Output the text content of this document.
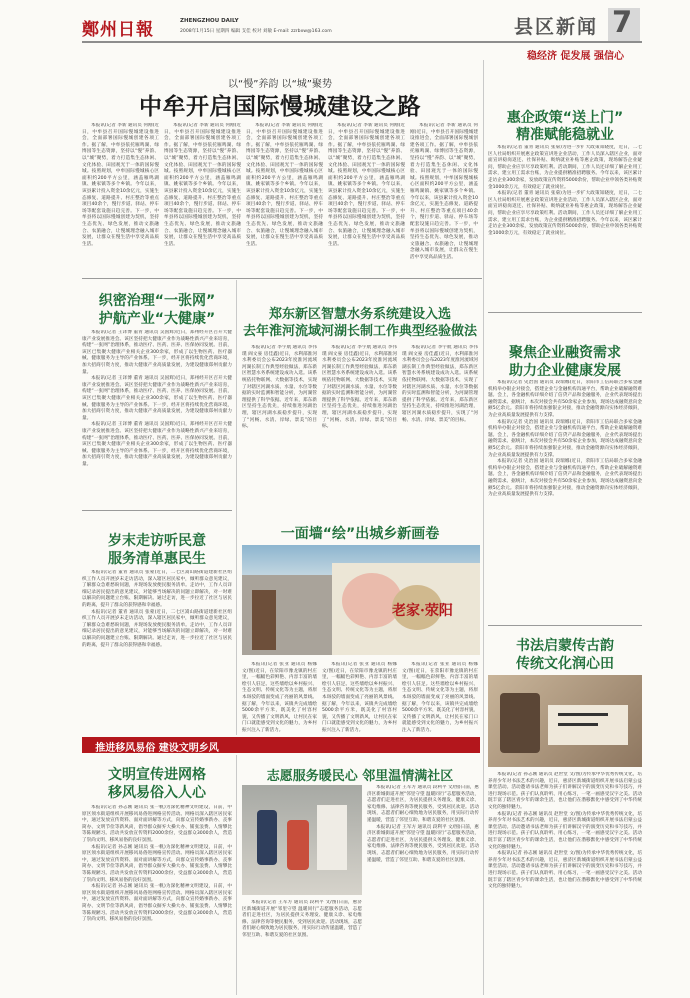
鄭州日報	ZHENGZHOU DAILY
2008年1月15日 星期四 编辑 支佳 校对 刘敏 E-mail: zzrbxw@163.com	县区新闻 7
稳经济 促发展 强信心
以“慢”养韵 以“城”聚势
中牟开启国际慢城建设之路

本报讯(记者 李新 通讯员 何刚)近日，中牟县召开国际慢城建设推进会，全面部署国际慢城创建各项工作。据了解，中牟县依托雁鸣湖、绿博园等生态资源，坚持以“慢”养韵、以“城”聚势，着力打造集生态休闲、文化体验、田园观光于一体的国际慢城。按照规划，中牟国际慢城核心区面积约200平方公里，涵盖雁鸣湖镇、姚家镇等多个乡镇。今年以来，该县累计投入资金10余亿元，实施生态修复、道路提升、村庄整治等重点项目40余个，慢行步道、驿站、停车场等配套设施日趋完善。下一步，中牟县将以国际慢城创建为契机，坚持生态优先、绿色发展，推动文旅融合、农旅融合，让慢城理念融入城市发展，让群众在慢生活中享受高品质生活。

本报讯(记者 李新 通讯员 何刚)近日，中牟县召开国际慢城建设推进会，全面部署国际慢城创建各项工作。据了解，中牟县依托雁鸣湖、绿博园等生态资源，坚持以“慢”养韵、以“城”聚势，着力打造集生态休闲、文化体验、田园观光于一体的国际慢城。按照规划，中牟国际慢城核心区面积约200平方公里，涵盖雁鸣湖镇、姚家镇等多个乡镇。今年以来，该县累计投入资金10余亿元，实施生态修复、道路提升、村庄整治等重点项目40余个，慢行步道、驿站、停车场等配套设施日趋完善。下一步，中牟县将以国际慢城创建为契机，坚持生态优先、绿色发展，推动文旅融合、农旅融合，让慢城理念融入城市发展，让群众在慢生活中享受高品质生活。

本报讯(记者 李新 通讯员 何刚)近日，中牟县召开国际慢城建设推进会，全面部署国际慢城创建各项工作。据了解，中牟县依托雁鸣湖、绿博园等生态资源，坚持以“慢”养韵、以“城”聚势，着力打造集生态休闲、文化体验、田园观光于一体的国际慢城。按照规划，中牟国际慢城核心区面积约200平方公里，涵盖雁鸣湖镇、姚家镇等多个乡镇。今年以来，该县累计投入资金10余亿元，实施生态修复、道路提升、村庄整治等重点项目40余个，慢行步道、驿站、停车场等配套设施日趋完善。下一步，中牟县将以国际慢城创建为契机，坚持生态优先、绿色发展，推动文旅融合、农旅融合，让慢城理念融入城市发展，让群众在慢生活中享受高品质生活。

本报讯(记者 李新 通讯员 何刚)近日，中牟县召开国际慢城建设推进会，全面部署国际慢城创建各项工作。据了解，中牟县依托雁鸣湖、绿博园等生态资源，坚持以“慢”养韵、以“城”聚势，着力打造集生态休闲、文化体验、田园观光于一体的国际慢城。按照规划，中牟国际慢城核心区面积约200平方公里，涵盖雁鸣湖镇、姚家镇等多个乡镇。今年以来，该县累计投入资金10余亿元，实施生态修复、道路提升、村庄整治等重点项目40余个，慢行步道、驿站、停车场等配套设施日趋完善。下一步，中牟县将以国际慢城创建为契机，坚持生态优先、绿色发展，推动文旅融合、农旅融合，让慢城理念融入城市发展，让群众在慢生活中享受高品质生活。

本报讯(记者 李新 通讯员 何刚)近日，中牟县召开国际慢城建设推进会，全面部署国际慢城创建各项工作。据了解，中牟县依托雁鸣湖、绿博园等生态资源，坚持以“慢”养韵、以“城”聚势，着力打造集生态休闲、文化体验、田园观光于一体的国际慢城。按照规划，中牟国际慢城核心区面积约200平方公里，涵盖雁鸣湖镇、姚家镇等多个乡镇。今年以来，该县累计投入资金10余亿元，实施生态修复、道路提升、村庄整治等重点项目40余个，慢行步道、驿站、停车场等配套设施日趋完善。下一步，中牟县将以国际慢城创建为契机，坚持生态优先、绿色发展，推动文旅融合、农旅融合，让慢城理念融入城市发展，让群众在慢生活中享受高品质生活。

惠企政策“送上门”
精准赋能稳就业

本报讯(记者 董青 通讯员 张菊)为进一步扩大政策知晓度，近日，二七区人社局组织开展惠企政策宣讲进企业活动，工作人员深入辖区企业，面对面宣讲稳岗返还、社保补贴、吸纳就业补贴等惠企政策，现场解答企业疑问，帮助企业应享尽享政策红利。活动期间，工作人员还详细了解企业用工需求，建立用工需求台账，为企业提供精准招聘服务。今年以来，该区累计走访企业300余家，发放政策宣传资料5000余份，帮助企业申领各类补贴资金1000余万元，有效稳定了就业岗位。

本报讯(记者 董青 通讯员 张菊)为进一步扩大政策知晓度，近日，二七区人社局组织开展惠企政策宣讲进企业活动，工作人员深入辖区企业，面对面宣讲稳岗返还、社保补贴、吸纳就业补贴等惠企政策，现场解答企业疑问，帮助企业应享尽享政策红利。活动期间，工作人员还详细了解企业用工需求，建立用工需求台账，为企业提供精准招聘服务。今年以来，该区累计走访企业300余家，发放政策宣传资料5000余份，帮助企业申领各类补贴资金1000余万元，有效稳定了就业岗位。

织密治理“一张网”
护航产业“大健康”

本报讯(记者 王译博 董青 通讯员 吴国辉)近日，郑州经开区召开大健康产业发展推进会。该区坚持把大健康产业作为战略性新兴产业来培育，构建“一张网”治理体系，推动医疗、医药、医养、医保协同发展。目前，该区已集聚大健康产业相关企业300余家，形成了以生物医药、医疗器械、健康服务为主导的产业体系。下一步，经开区将持续优化营商环境，加大招商引资力度，推动大健康产业高质量发展，为建设健康郑州贡献力量。

本报讯(记者 王译博 董青 通讯员 吴国辉)近日，郑州经开区召开大健康产业发展推进会。该区坚持把大健康产业作为战略性新兴产业来培育，构建“一张网”治理体系，推动医疗、医药、医养、医保协同发展。目前，该区已集聚大健康产业相关企业300余家，形成了以生物医药、医疗器械、健康服务为主导的产业体系。下一步，经开区将持续优化营商环境，加大招商引资力度，推动大健康产业高质量发展，为建设健康郑州贡献力量。

本报讯(记者 王译博 董青 通讯员 吴国辉)近日，郑州经开区召开大健康产业发展推进会。该区坚持把大健康产业作为战略性新兴产业来培育，构建“一张网”治理体系，推动医疗、医药、医养、医保协同发展。目前，该区已集聚大健康产业相关企业300余家，形成了以生物医药、医疗器械、健康服务为主导的产业体系。下一步，经开区将持续优化营商环境，加大招商引资力度，推动大健康产业高质量发展，为建设健康郑州贡献力量。

郑东新区智慧水务系统建设入选
去年淮河流域河湖长制工作典型经验做法

本报讯(记者 李宇航 通讯员 李伟璞 阎文豪 房佳鑫)近日，水利部淮河水利委员会公布2023年度淮河流域河湖长制工作典型经验做法，郑东新区智慧水务系统建设成功入选。该系统依托物联网、大数据等技术，实现了对辖区河湖水质、水量、水位等数据的实时监测和智能分析，为河湖管理提供了科学依据。近年来，郑东新区坚持生态优先，持续推进河湖治理，辖区河湖水质稳步提升，实现了“河畅、水清、岸绿、景美”的目标。

本报讯(记者 李宇航 通讯员 李伟璞 阎文豪 房佳鑫)近日，水利部淮河水利委员会公布2023年度淮河流域河湖长制工作典型经验做法，郑东新区智慧水务系统建设成功入选。该系统依托物联网、大数据等技术，实现了对辖区河湖水质、水量、水位等数据的实时监测和智能分析，为河湖管理提供了科学依据。近年来，郑东新区坚持生态优先，持续推进河湖治理，辖区河湖水质稳步提升，实现了“河畅、水清、岸绿、景美”的目标。

本报讯(记者 李宇航 通讯员 李伟璞 阎文豪 房佳鑫)近日，水利部淮河水利委员会公布2023年度淮河流域河湖长制工作典型经验做法，郑东新区智慧水务系统建设成功入选。该系统依托物联网、大数据等技术，实现了对辖区河湖水质、水量、水位等数据的实时监测和智能分析，为河湖管理提供了科学依据。近年来，郑东新区坚持生态优先，持续推进河湖治理，辖区河湖水质稳步提升，实现了“河畅、水清、岸绿、景美”的目标。

聚焦企业融资需求
助力企业健康发展

本报讯(记者 史治国 通讯员 段瑞娜)近日，荥阳市工信局联合多家金融机构举办银企对接会，搭建企业与金融机构沟通平台，帮助企业破解融资难题。会上，各金融机构详细介绍了信贷产品和金融服务，企业代表现场提出融资需求。据统计，本次对接会共有50余家企业参加，现场达成融资意向金额5亿余元。荥阳市将持续加强银企对接，推动金融资源向实体经济倾斜，为企业高质量发展提供有力支撑。

本报讯(记者 史治国 通讯员 段瑞娜)近日，荥阳市工信局联合多家金融机构举办银企对接会，搭建企业与金融机构沟通平台，帮助企业破解融资难题。会上，各金融机构详细介绍了信贷产品和金融服务，企业代表现场提出融资需求。据统计，本次对接会共有50余家企业参加，现场达成融资意向金额5亿余元。荥阳市将持续加强银企对接，推动金融资源向实体经济倾斜，为企业高质量发展提供有力支撑。

本报讯(记者 史治国 通讯员 段瑞娜)近日，荥阳市工信局联合多家金融机构举办银企对接会，搭建企业与金融机构沟通平台，帮助企业破解融资难题。会上，各金融机构详细介绍了信贷产品和金融服务，企业代表现场提出融资需求。据统计，本次对接会共有50余家企业参加，现场达成融资意向金额5亿余元。荥阳市将持续加强银企对接，推动金融资源向实体经济倾斜，为企业高质量发展提供有力支撑。

一面墙“绘”出城乡新画卷
老家·荥阳
岁末走访听民意
服务清单惠民生

本报讯(记者 董青 通讯员 张蒙)近日，二七区嵩山路街道建新社区组织工作人员开展岁末走访活动，深入辖区居民家中，倾听群众意见建议，了解群众急难愁盼问题，并现场发放便民服务清单。走访中，工作人员详细记录居民提出的意见建议，对能够当场解决的问题立即解决，对一时难以解决的问题建立台账、限期解决。通过走访，进一步拉近了社区与居民的距离，提升了群众的获得感和幸福感。

本报讯(记者 董青 通讯员 张蒙)近日，二七区嵩山路街道建新社区组织工作人员开展岁末走访活动，深入辖区居民家中，倾听群众意见建议，了解群众急难愁盼问题，并现场发放便民服务清单。走访中，工作人员详细记录居民提出的意见建议，对能够当场解决的问题立即解决，对一时难以解决的问题建立台账、限期解决。通过走访，进一步拉近了社区与居民的距离，提升了群众的获得感和幸福感。

本报讯(记者 张亚 通讯员 杨娜 文/图)近日，在荥阳市豫龙镇的村庄里，一幅幅色彩鲜艳、内容丰富的墙绘引人驻足。这些墙绘以乡村振兴、生态文明、传统文化等为主题，将原本斑驳的墙面变成了亮丽的风景线。据了解，今年以来，该镇共完成墙绘5000余平方米，既美化了村容村貌，又传播了文明新风，让村民在家门口就能感受到文化的魅力，为乡村振兴注入了新活力。

本报讯(记者 张亚 通讯员 杨娜 文/图)近日，在荥阳市豫龙镇的村庄里，一幅幅色彩鲜艳、内容丰富的墙绘引人驻足。这些墙绘以乡村振兴、生态文明、传统文化等为主题，将原本斑驳的墙面变成了亮丽的风景线。据了解，今年以来，该镇共完成墙绘5000余平方米，既美化了村容村貌，又传播了文明新风，让村民在家门口就能感受到文化的魅力，为乡村振兴注入了新活力。

本报讯(记者 张亚 通讯员 杨娜 文/图)近日，在荥阳市豫龙镇的村庄里，一幅幅色彩鲜艳、内容丰富的墙绘引人驻足。这些墙绘以乡村振兴、生态文明、传统文化等为主题，将原本斑驳的墙面变成了亮丽的风景线。据了解，今年以来，该镇共完成墙绘5000余平方米，既美化了村容村貌，又传播了文明新风，让村民在家门口就能感受到文化的魅力，为乡村振兴注入了新活力。

书法启蒙传古韵
传统文化润心田

本报讯(记者 孙志刚 通讯员 赵世堂 文/图)为传承中华优秀传统文化，培养青少年对书法艺术的兴趣，近日，惠济区新城街道组织开展书法启蒙公益课堂活动。活动邀请书法老师为孩子们讲解汉字的演变历史和书写技巧，并进行现场示范。孩子们认真聆听、用心练习，一笔一画感受汉字之美。活动既丰富了辖区青少年的课余生活，也让他们在潜移默化中感受到了中华传统文化的独特魅力。

本报讯(记者 孙志刚 通讯员 赵世堂 文/图)为传承中华优秀传统文化，培养青少年对书法艺术的兴趣，近日，惠济区新城街道组织开展书法启蒙公益课堂活动。活动邀请书法老师为孩子们讲解汉字的演变历史和书写技巧，并进行现场示范。孩子们认真聆听、用心练习，一笔一画感受汉字之美。活动既丰富了辖区青少年的课余生活，也让他们在潜移默化中感受到了中华传统文化的独特魅力。

本报讯(记者 孙志刚 通讯员 赵世堂 文/图)为传承中华优秀传统文化，培养青少年对书法艺术的兴趣，近日，惠济区新城街道组织开展书法启蒙公益课堂活动。活动邀请书法老师为孩子们讲解汉字的演变历史和书写技巧，并进行现场示范。孩子们认真聆听、用心练习，一笔一画感受汉字之美。活动既丰富了辖区青少年的课余生活，也让他们在潜移默化中感受到了中华传统文化的独特魅力。

推进移风易俗 建设文明乡风
文明宣传进网格
移风易俗入人心

本报讯(记者 孙志刚 通讯员 张一帆)为深化精神文明建设，日前，中原区须水街道组织开展移风易俗进网格宣传活动。网格员深入辖区居民家中，通过发放宣传资料、面对面讲解等方式，向群众宣传婚事新办、丧事简办、文明节俭等新风尚，倡导群众摒弃大操大办、铺张浪费、人情攀比等陈规陋习。活动共发放宣传资料2000余份，受益群众3000余人，营造了崇尚文明、移风易俗的良好氛围。

本报讯(记者 孙志刚 通讯员 张一帆)为深化精神文明建设，日前，中原区须水街道组织开展移风易俗进网格宣传活动。网格员深入辖区居民家中，通过发放宣传资料、面对面讲解等方式，向群众宣传婚事新办、丧事简办、文明节俭等新风尚，倡导群众摒弃大操大办、铺张浪费、人情攀比等陈规陋习。活动共发放宣传资料2000余份，受益群众3000余人，营造了崇尚文明、移风易俗的良好氛围。

本报讯(记者 孙志刚 通讯员 张一帆)为深化精神文明建设，日前，中原区须水街道组织开展移风易俗进网格宣传活动。网格员深入辖区居民家中，通过发放宣传资料、面对面讲解等方式，向群众宣传婚事新办、丧事简办、文明节俭等新风尚，倡导群众摒弃大操大办、铺张浪费、人情攀比等陈规陋习。活动共发放宣传资料2000余份，受益群众3000余人，营造了崇尚文明、移风易俗的良好氛围。

志愿服务暖民心 邻里温情满社区

本报讯(记者 王军方 通讯员 段利平 文/图)日前，惠济区新城街道开展“邻里守望 温暖同行”志愿服务活动，志愿者们走进社区，为居民提供义务理发、健康义诊、家电维修、法律咨询等便民服务，受到居民欢迎。活动现场，志愿者们耐心细致地为居民服务，用实际行动传递温暖，营造了邻里互助、和谐友爱的社区氛围。

本报讯(记者 王军方 通讯员 段利平 文/图)日前，惠济区新城街道开展“邻里守望 温暖同行”志愿服务活动，志愿者们走进社区，为居民提供义务理发、健康义诊、家电维修、法律咨询等便民服务，受到居民欢迎。活动现场，志愿者们耐心细致地为居民服务，用实际行动传递温暖，营造了邻里互助、和谐友爱的社区氛围。

本报讯(记者 王军方 通讯员 段利平 文/图)日前，惠济区新城街道开展“邻里守望 温暖同行”志愿服务活动，志愿者们走进社区，为居民提供义务理发、健康义诊、家电维修、法律咨询等便民服务，受到居民欢迎。活动现场，志愿者们耐心细致地为居民服务，用实际行动传递温暖，营造了邻里互助、和谐友爱的社区氛围。
